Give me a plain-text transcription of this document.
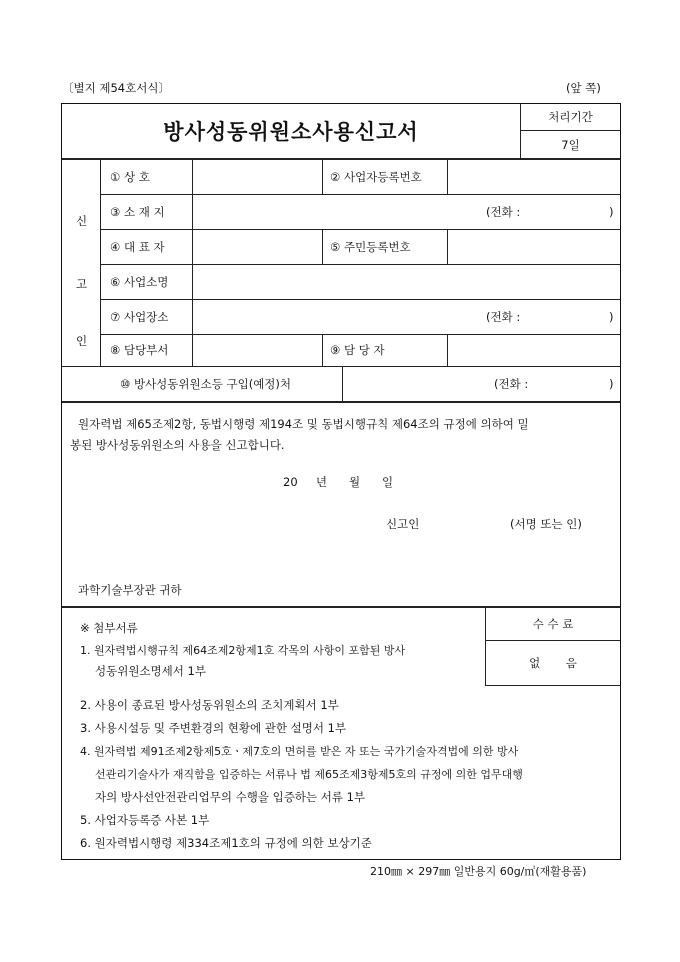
〔별지 제54호서식〕	(앞 쪽)
방사성동위원소사용신고서
처리기간
7일
신
고
인
① 상 호	② 사업자등록번호
③ 소 재 지	(전화 :	)
④ 대 표 자	⑤ 주민등록번호
⑥ 사업소명
⑦ 사업장소	(전화 :	)
⑧ 담당부서	⑨ 담 당 자
⑩ 방사성동위원소등 구입(예정)처	(전화 :	)
원자력법 제65조제2항, 동법시행령 제194조 및 동법시행규칙 제64조의 규정에 의하여 밀
봉된 방사성동위원소의 사용을 신고합니다.
20     년      월      일
신고인	(서명 또는 인)
과학기술부장관 귀하
수 수 료
없       음
※ 첨부서류
1. 원자력법시행규칙 제64조제2항제1호 각목의 사항이 포함된 방사
성동위원소명세서 1부
2. 사용이 종료된 방사성동위원소의 조치계획서 1부
3. 사용시설등 및 주변환경의 현황에 관한 설명서 1부
4. 원자력법 제91조제2항제5호ㆍ제7호의 면허를 받은 자 또는 국가기술자격법에 의한 방사
선관리기술사가 재직함을 입증하는 서류나 법 제65조제3항제5호의 규정에 의한 업무대행
자의 방사선안전관리업무의 수행을 입증하는 서류 1부
5. 사업자등록증 사본 1부
6. 원자력법시행령 제334조제1호의 규정에 의한 보상기준
210㎜ × 297㎜ 일반용지 60g/㎡(재활용품)
